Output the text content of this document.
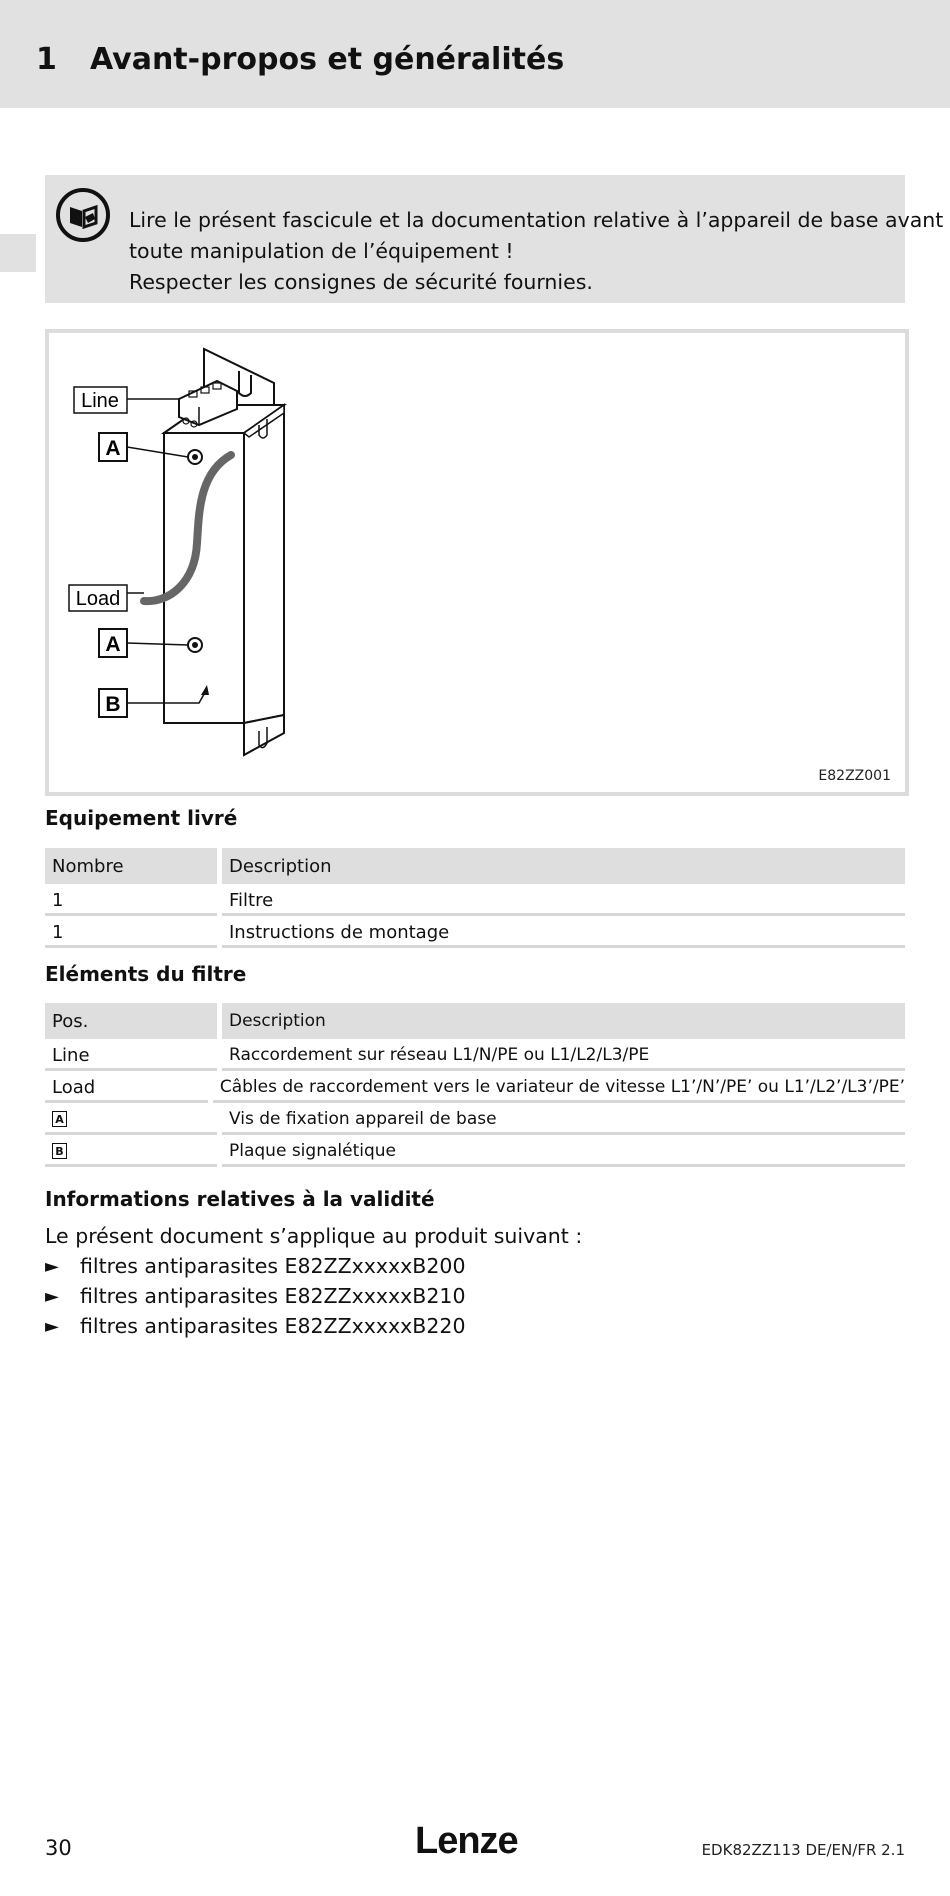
1 Avant-propos et généralités
Lire le présent fascicule et la documentation relative à l’appareil de base avant
toute manipulation de l’équipement !
Respecter les consignes de sécurité fournies.
Line
A
Load
A
B
E82ZZ001
Equipement livré
Nombre	Description
1	Filtre
1	Instructions de montage
Eléments du filtre
Pos.	Description
Line	Raccordement sur réseau L1/N/PE ou L1/L2/L3/PE
Load	Câbles de raccordement vers le variateur de vitesse L1’/N’/PE’ ou L1’/L2’/L3’/PE’
A	Vis de fixation appareil de base
B	Plaque signalétique
Informations relatives à la validité
Le présent document s’applique au produit suivant :
►	filtres antiparasites E82ZZxxxxxB200
►	filtres antiparasites E82ZZxxxxxB210
►	filtres antiparasites E82ZZxxxxxB220
30	Lenze	EDK82ZZ113 DE/EN/FR 2.1
